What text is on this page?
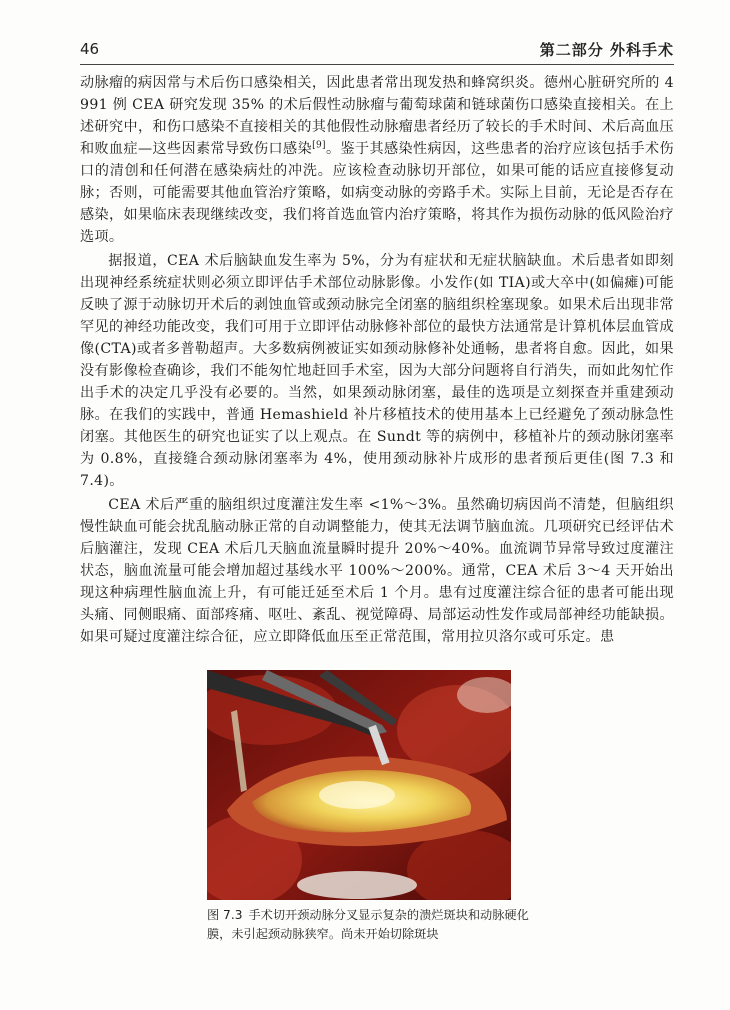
46	第二部分 外科手术

动脉瘤的病因常与术后伤口感染相关，因此患者常出现发热和蜂窝织炎。德州心脏研究所的 4 991 例 CEA 研究发现 35% 的术后假性动脉瘤与葡萄球菌和链球菌伤口感染直接相关。在上述研究中，和伤口感染不直接相关的其他假性动脉瘤患者经历了较长的手术时间、术后高血压和败血症—这些因素常导致伤口感染[9]。鉴于其感染性病因，这些患者的治疗应该包括手术伤口的清创和任何潜在感染病灶的冲洗。应该检查动脉切开部位，如果可能的话应直接修复动脉；否则，可能需要其他血管治疗策略，如病变动脉的旁路手术。实际上目前，无论是否存在感染，如果临床表现继续改变，我们将首选血管内治疗策略，将其作为损伤动脉的低风险治疗选项。

据报道，CEA 术后脑缺血发生率为 5%，分为有症状和无症状脑缺血。术后患者如即刻出现神经系统症状则必须立即评估手术部位动脉影像。小发作(如 TIA)或大卒中(如偏瘫)可能反映了源于动脉切开术后的剥蚀血管或颈动脉完全闭塞的脑组织栓塞现象。如果术后出现非常罕见的神经功能改变，我们可用于立即评估动脉修补部位的最快方法通常是计算机体层血管成像(CTA)或者多普勒超声。大多数病例被证实如颈动脉修补处通畅，患者将自愈。因此，如果没有影像检查确诊，我们不能匆忙地赶回手术室，因为大部分问题将自行消失，而如此匆忙作出手术的决定几乎没有必要的。当然，如果颈动脉闭塞，最佳的选项是立刻探查并重建颈动脉。在我们的实践中，普通 Hemashield 补片移植技术的使用基本上已经避免了颈动脉急性闭塞。其他医生的研究也证实了以上观点。在 Sundt 等的病例中，移植补片的颈动脉闭塞率为 0.8%，直接缝合颈动脉闭塞率为 4%，使用颈动脉补片成形的患者预后更佳(图 7.3 和 7.4)。

CEA 术后严重的脑组织过度灌注发生率 <1%～3%。虽然确切病因尚不清楚，但脑组织慢性缺血可能会扰乱脑动脉正常的自动调整能力，使其无法调节脑血流。几项研究已经评估术后脑灌注，发现 CEA 术后几天脑血流量瞬时提升 20%～40%。血流调节异常导致过度灌注状态，脑血流量可能会增加超过基线水平 100%～200%。通常，CEA 术后 3～4 天开始出现这种病理性脑血流上升，有可能迁延至术后 1 个月。患有过度灌注综合征的患者可能出现头痛、同侧眼痛、面部疼痛、呕吐、紊乱、视觉障碍、局部运动性发作或局部神经功能缺损。如果可疑过度灌注综合征，应立即降低血压至正常范围，常用拉贝洛尔或可乐定。患

图 7.3 手术切开颈动脉分叉显示复杂的溃烂斑块和动脉硬化膜，未引起颈动脉狭窄。尚未开始切除斑块
